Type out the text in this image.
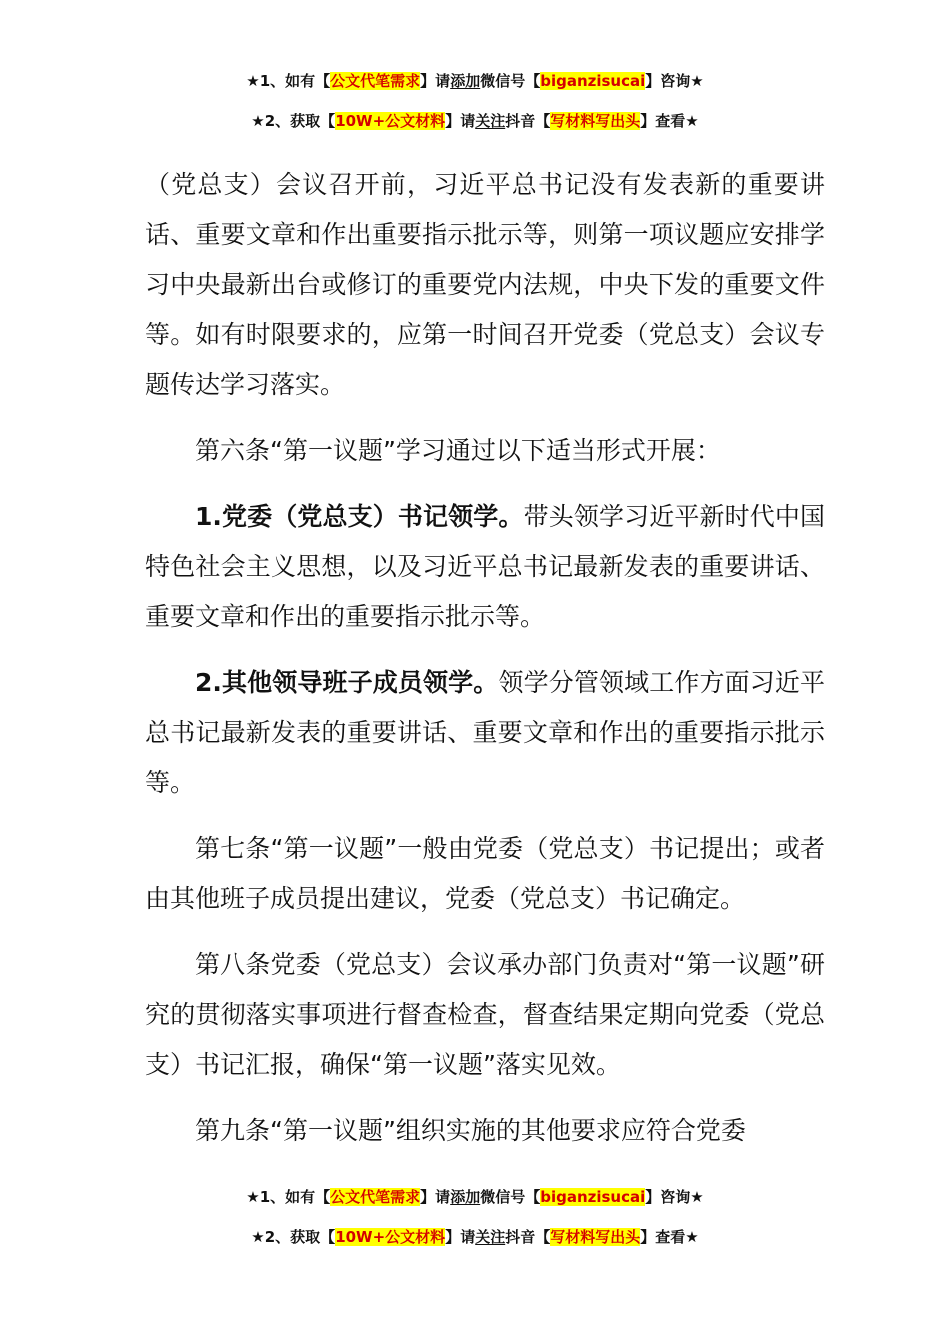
★1、如有【公文代笔需求】请添加微信号【biganzisucai】咨询★
★2、获取【10W+公文材料】请关注抖音【写材料写出头】查看★

（党总支）会议召开前，习近平总书记没有发表新的重要讲话、重要文章和作出重要指示批示等，则第一项议题应安排学习中央最新出台或修订的重要党内法规，中央下发的重要文件等。如有时限要求的，应第一时间召开党委（党总支）会议专题传达学习落实。

第六条“第一议题”学习通过以下适当形式开展：

1.党委（党总支）书记领学。带头领学习近平新时代中国特色社会主义思想，以及习近平总书记最新发表的重要讲话、重要文章和作出的重要指示批示等。

2.其他领导班子成员领学。领学分管领域工作方面习近平总书记最新发表的重要讲话、重要文章和作出的重要指示批示等。

第七条“第一议题”一般由党委（党总支）书记提出；或者由其他班子成员提出建议，党委（党总支）书记确定。

第八条党委（党总支）会议承办部门负责对“第一议题”研究的贯彻落实事项进行督查检查，督查结果定期向党委（党总支）书记汇报，确保“第一议题”落实见效。

第九条“第一议题”组织实施的其他要求应符合党委

★1、如有【公文代笔需求】请添加微信号【biganzisucai】咨询★
★2、获取【10W+公文材料】请关注抖音【写材料写出头】查看★
